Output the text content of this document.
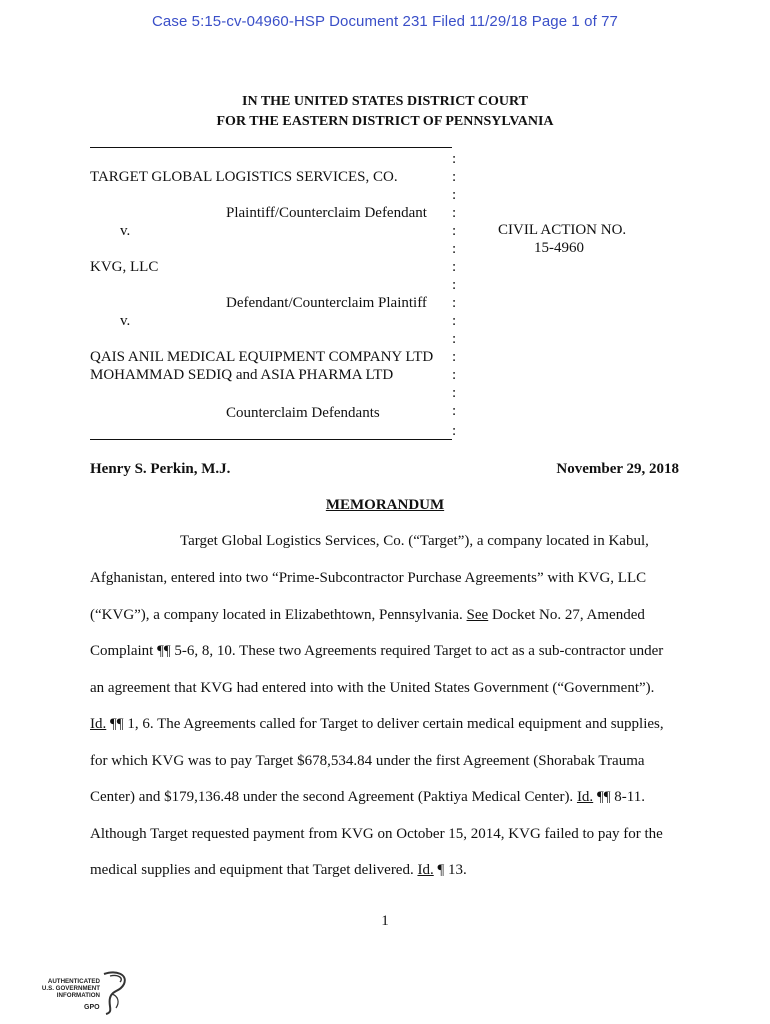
Case 5:15-cv-04960-HSP Document 231 Filed 11/29/18 Page 1 of 77
IN THE UNITED STATES DISTRICT COURT
FOR THE EASTERN DISTRICT OF PENNSYLVANIA
:
:
:
:
:
:
:
:
:
:
:
:
:
:
:
:
TARGET GLOBAL LOGISTICS SERVICES, CO.
Plaintiff/Counterclaim Defendant
v.
KVG, LLC
Defendant/Counterclaim Plaintiff
v.
QAIS ANIL MEDICAL EQUIPMENT COMPANY LTD
MOHAMMAD SEDIQ and ASIA PHARMA LTD
Counterclaim Defendants
CIVIL ACTION NO.
15-4960
Henry S. Perkin, M.J.	November 29, 2018
MEMORANDUM
Target Global Logistics Services, Co. (“Target”), a company located in Kabul,
Afghanistan, entered into two “Prime-Subcontractor Purchase Agreements” with KVG, LLC
(“KVG”), a company located in Elizabethtown, Pennsylvania. See Docket No. 27, Amended
Complaint ¶¶ 5-6, 8, 10. These two Agreements required Target to act as a sub-contractor under
an agreement that KVG had entered into with the United States Government (“Government”).
Id. ¶¶ 1, 6. The Agreements called for Target to deliver certain medical equipment and supplies,
for which KVG was to pay Target $678,534.84 under the first Agreement (Shorabak Trauma
Center) and $179,136.48 under the second Agreement (Paktiya Medical Center). Id. ¶¶ 8-11.
Although Target requested payment from KVG on October 15, 2014, KVG failed to pay for the
medical supplies and equipment that Target delivered. Id. ¶ 13.
1
AUTHENTICATED
U.S. GOVERNMENT
INFORMATION
GPO
